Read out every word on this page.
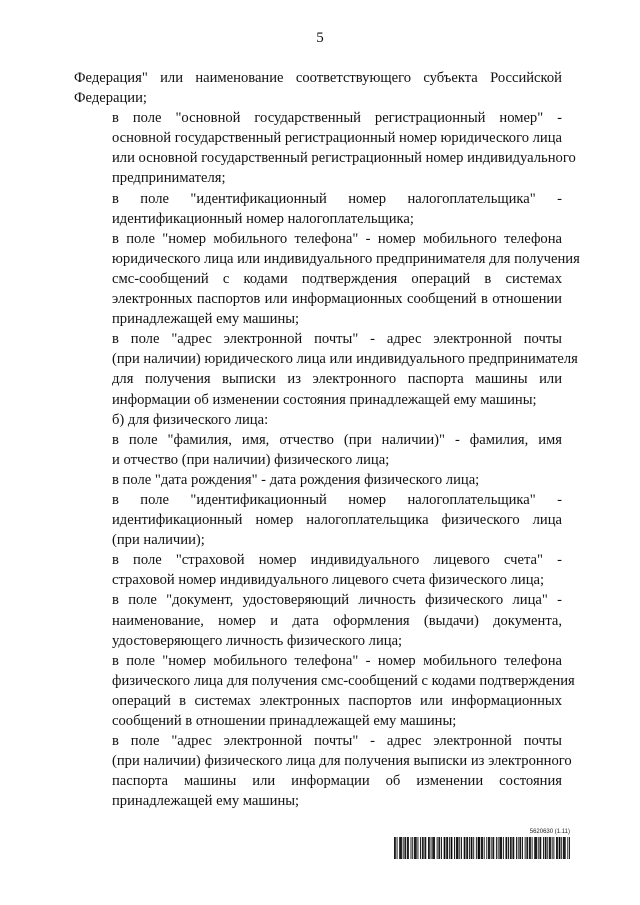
5
Федерация" или наименование соответствующего субъекта Российской
Федерации;
в поле "основной государственный регистрационный номер" -
основной государственный регистрационный номер юридического лица
или основной государственный регистрационный номер индивидуального
предпринимателя;
в поле "идентификационный номер налогоплательщика" -
идентификационный номер налогоплательщика;
в поле "номер мобильного телефона" - номер мобильного телефона
юридического лица или индивидуального предпринимателя для получения
смс-сообщений с кодами подтверждения операций в системах
электронных паспортов или информационных сообщений в отношении
принадлежащей ему машины;
в поле "адрес электронной почты" - адрес электронной почты
(при наличии) юридического лица или индивидуального предпринимателя
для получения выписки из электронного паспорта машины или
информации об изменении состояния принадлежащей ему машины;
б) для физического лица:
в поле "фамилия, имя, отчество (при наличии)" - фамилия, имя
и отчество (при наличии) физического лица;
в поле "дата рождения" - дата рождения физического лица;
в поле "идентификационный номер налогоплательщика" -
идентификационный номер налогоплательщика физического лица
(при наличии);
в поле "страховой номер индивидуального лицевого счета" -
страховой номер индивидуального лицевого счета физического лица;
в поле "документ, удостоверяющий личность физического лица" -
наименование, номер и дата оформления (выдачи) документа,
удостоверяющего личность физического лица;
в поле "номер мобильного телефона" - номер мобильного телефона
физического лица для получения смс-сообщений с кодами подтверждения
операций в системах электронных паспортов или информационных
сообщений в отношении принадлежащей ему машины;
в поле "адрес электронной почты" - адрес электронной почты
(при наличии) физического лица для получения выписки из электронного
паспорта машины или информации об изменении состояния
принадлежащей ему машины;
5620630 (1.11)
